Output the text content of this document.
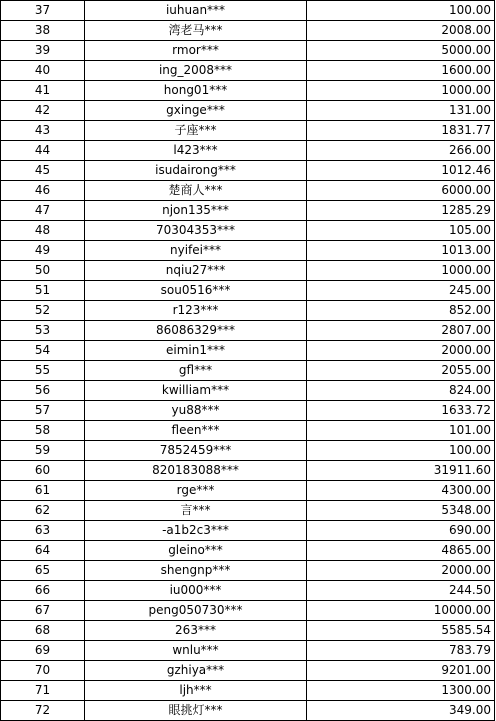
37	iuhuan***	100.00
38	湾老马***	2008.00
39	rmor***	5000.00
40	ing_2008***	1600.00
41	hong01***	1000.00
42	gxinge***	131.00
43	子座***	1831.77
44	l423***	266.00
45	isudairong***	1012.46
46	楚商人***	6000.00
47	njon135***	1285.29
48	70304353***	105.00
49	nyifei***	1013.00
50	nqiu27***	1000.00
51	sou0516***	245.00
52	r123***	852.00
53	86086329***	2807.00
54	eimin1***	2000.00
55	gfl***	2055.00
56	kwilliam***	824.00
57	yu88***	1633.72
58	fleen***	101.00
59	7852459***	100.00
60	820183088***	31911.60
61	rge***	4300.00
62	言***	5348.00
63	-a1b2c3***	690.00
64	gleino***	4865.00
65	shengnp***	2000.00
66	iu000***	244.50
67	peng050730***	10000.00
68	263***	5585.54
69	wnlu***	783.79
70	gzhiya***	9201.00
71	ljh***	1300.00
72	眼挑灯***	349.00
